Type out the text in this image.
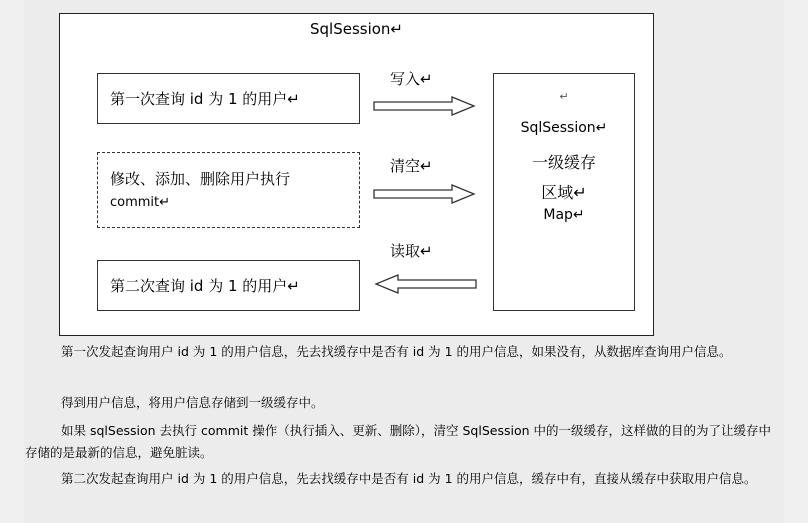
SqlSession↵
第一次查询 id 为 1 的用户↵
修改、添加、删除用户执行
commit↵
第二次查询 id 为 1 的用户↵
写入↵
清空↵
读取↵
↵
SqlSession↵
一级缓存
区域↵
Map↵
第一次发起查询用户 id 为 1 的用户信息，先去找缓存中是否有 id 为 1 的用户信息，如果没有，从数据库查询用户信息。
得到用户信息，将用户信息存储到一级缓存中。
如果 sqlSession 去执行 commit 操作（执行插入、更新、删除），清空 SqlSession 中的一级缓存，这样做的目的为了让缓存中存储的是最新的信息，避免脏读。
第二次发起查询用户 id 为 1 的用户信息，先去找缓存中是否有 id 为 1 的用户信息，缓存中有，直接从缓存中获取用户信息。
